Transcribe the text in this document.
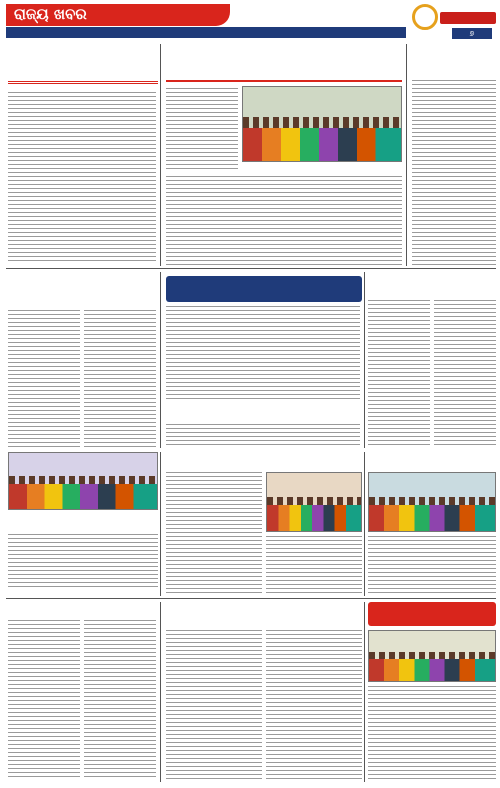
ରାଜ୍ୟ ଖବର
୭
